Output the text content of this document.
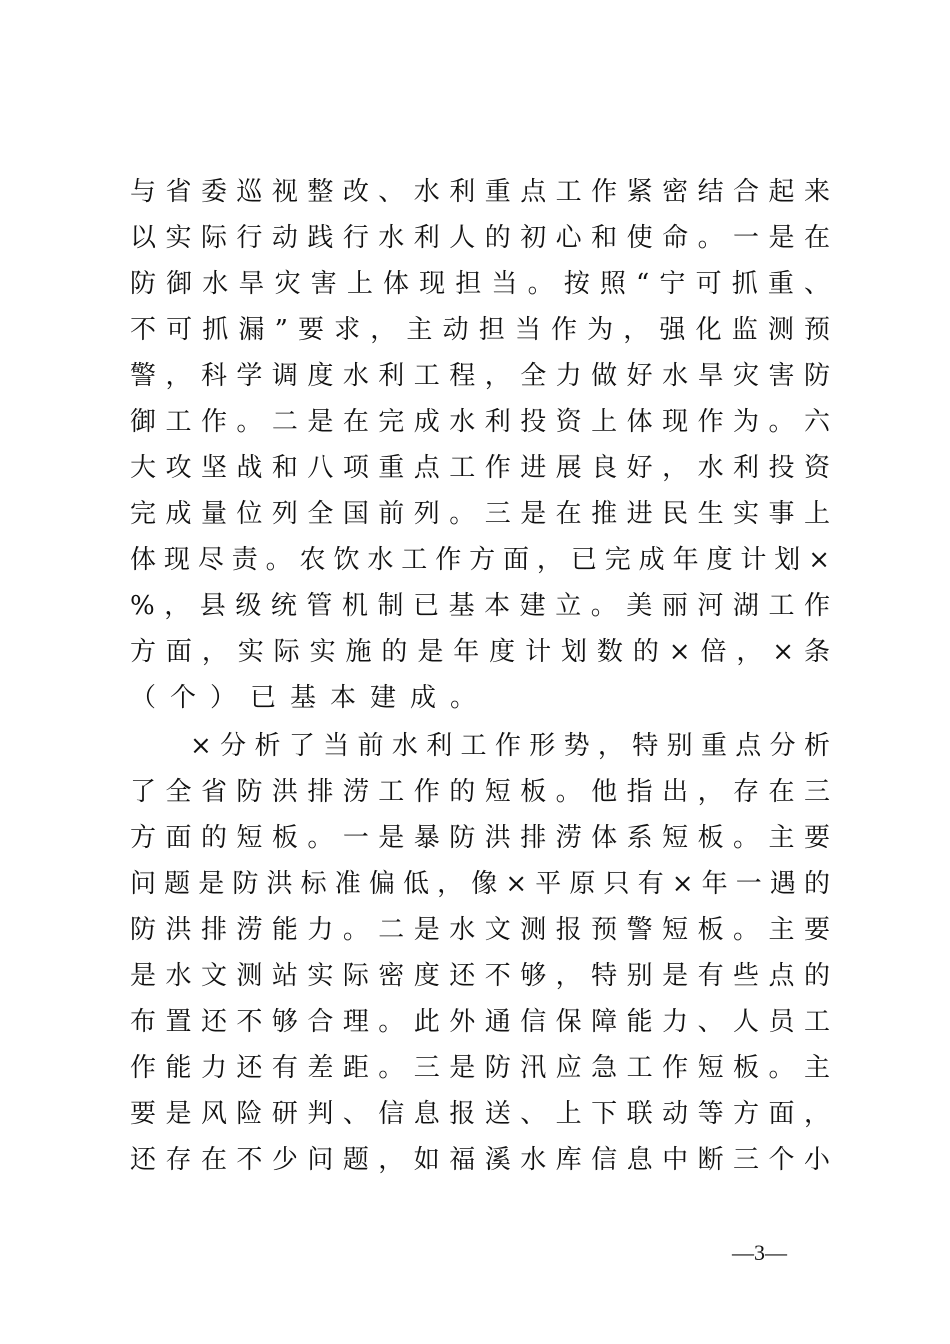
与省委巡视整改、水利重点工作紧密结合起来
以实际行动践行水利人的初心和使命。一是在
防御水旱灾害上体现担当。按照“宁可抓重、
不可抓漏”要求，主动担当作为，强化监测预
警，科学调度水利工程，全力做好水旱灾害防
御工作。二是在完成水利投资上体现作为。六
大攻坚战和八项重点工作进展良好，水利投资
完成量位列全国前列。三是在推进民生实事上
体现尽责。农饮水工作方面，已完成年度计划×
%，县级统管机制已基本建立。美丽河湖工作
方面，实际实施的是年度计划数的×倍，×条
（个）已基本建成。
×分析了当前水利工作形势，特别重点分析
了全省防洪排涝工作的短板。他指出，存在三
方面的短板。一是暴防洪排涝体系短板。主要
问题是防洪标准偏低，像×平原只有×年一遇的
防洪排涝能力。二是水文测报预警短板。主要
是水文测站实际密度还不够，特别是有些点的
布置还不够合理。此外通信保障能力、人员工
作能力还有差距。三是防汛应急工作短板。主
要是风险研判、信息报送、上下联动等方面，
还存在不少问题，如福溪水库信息中断三个小
—3—
